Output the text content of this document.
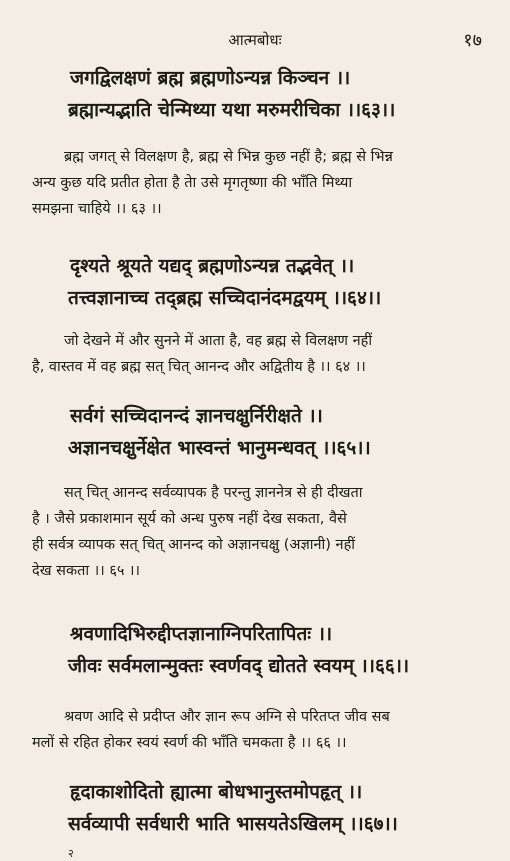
आत्मबोधः	१७
जगद्विलक्षणं ब्रह्म ब्रह्मणोऽन्यन्न किञ्चन ।।
ब्रह्मान्यद्भाति चेन्मिथ्या यथा मरुमरीचिका ।।६३।।
ब्रह्म जगत् से विलक्षण है, ब्रह्म से भिन्न कुछ नहीं है; ब्रह्म से भिन्न
अन्य कुछ यदि प्रतीत होता है तेा उसे मृगतृष्णा की भाँति मिथ्या
समझना चाहिये ।। ६३ ।।
दृश्यते श्रूयते यद्यद् ब्रह्मणोऽन्यन्न तद्भवेत् ।।
तत्त्वज्ञानाच्च तद्ब्रह्म सच्चिदानंदमद्वयम् ।।६४।।
जो देखने में और सुनने में आता है, वह ब्रह्म से विलक्षण नहीं
है, वास्तव में वह ब्रह्म सत् चित् आनन्द और अद्वितीय है ।। ६४ ।।
सर्वगं सच्चिदानन्दं ज्ञानचक्षुर्निरीक्षते ।।
अज्ञानचक्षुर्नेक्षेत भास्वन्तं भानुमन्धवत् ।।६५।।
सत् चित् आनन्द सर्वव्यापक है परन्तु ज्ञाननेत्र से ही दीखता
है । जैसे प्रकाशमान सूर्य को अन्ध पुरुष नहीं देख सकता, वैसे
ही सर्वत्र व्यापक सत् चित् आनन्द को अज्ञानचक्षु (अज्ञानी) नहीं
देख सकता ।। ६५ ।।
श्रवणादिभिरुद्दीप्तज्ञानाग्निपरितापितः ।।
जीवः सर्वमलान्मुक्तः स्वर्णवद् द्योतते स्वयम् ।।६६।।
श्रवण आदि से प्रदीप्त और ज्ञान रूप अग्नि से परितप्त जीव सब
मलों से रहित होकर स्वयं स्वर्ण की भाँति चमकता है ।। ६६ ।।
हृदाकाशोदितो ह्यात्मा बोधभानुस्तमोपहृत् ।।
सर्वव्यापी सर्वधारी भाति भासयतेऽखिलम् ।।६७।।
२
